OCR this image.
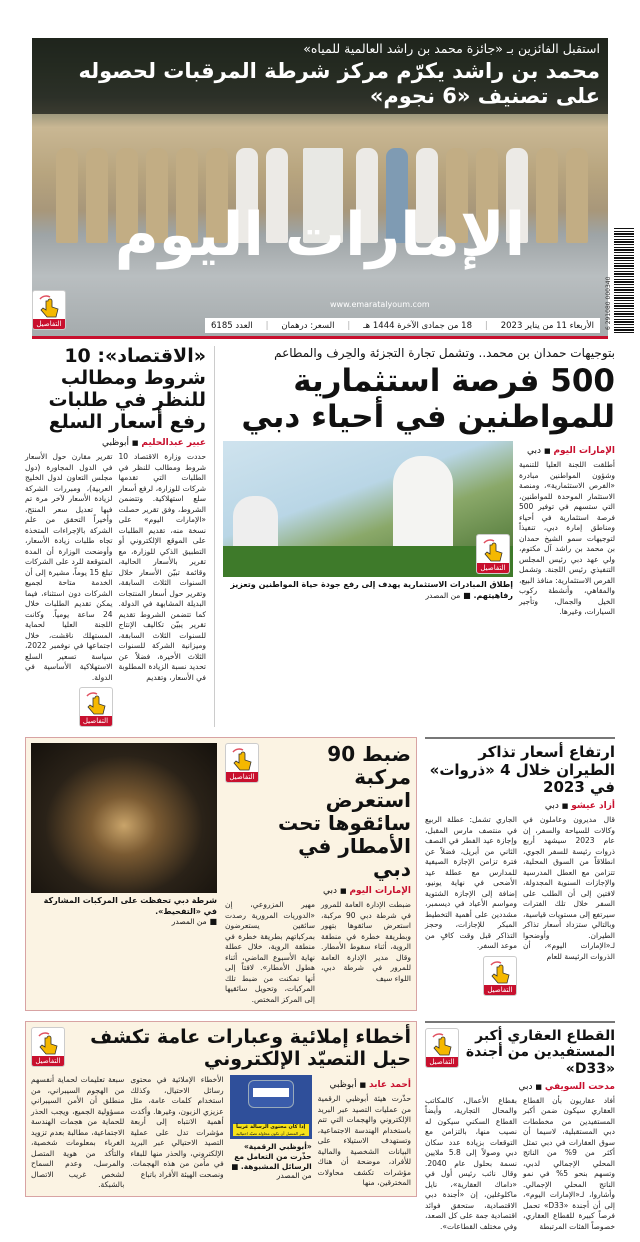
استقبل الفائزين بـ «جائزة محمد بن راشد العالمية للمياه»
محمد بن راشد يكرّم مركز شرطة المرقبات لحصوله على تصنيف «6 نجوم»
الإمارات اليوم
www.emaratalyoum.com
الأربعاء 11 من يناير 2023
|
18 من جمادى الآخرة 1444 هـ
|
السعر: درهمان
|
العدد 6185	6 291080 000340
التفاصيل
بتوجيهات حمدان بن محمد.. وتشمل تجارة التجزئة والحِرف والمطاعم
500 فرصة استثمارية للمواطنين في أحياء دبي
الإمارات اليوم ■ دبي
أطلقت اللجنة العليا للتنمية وشؤون المواطنين مبادرة «الفرص الاستثمارية»، ومنصة الاستثمار الموحدة للمواطنين، التي ستسهم في توفير 500 فرصة استثمارية في أحياء ومناطق إمارة دبي، تنفيذاً لتوجيهات سمو الشيخ حمدان بن محمد بن راشد آل مكتوم، ولي عهد دبي رئيس المجلس التنفيذي رئيس اللجنة. وتشمل الفرص الاستثمارية: منافذ البيع، والمقاهي، وأنشطة ركوب الخيل والجمال، وتأجير السيارات، وغيرها.
التفاصيل
إطلاق المبادرات الاستثمارية يهدف إلى رفع جودة حياة المواطنين وتعزيز رفاهيتهم. ■ من المصدر
«الاقتصاد»: 10 شروط ومطالب للنظر في طلبات رفع أسعار السلع
عبير عبدالحليم ■ أبوظبي
حددت وزارة الاقتصاد 10 شروط ومطالب للنظر في الطلبات التي تقدمها شركات للوزارة، لرفع أسعار سلع استهلاكية. وتتضمن الشروط، وفق تقرير حصلت «الإمارات اليوم» على نسخة منه، تقديم الطلبات على الموقع الإلكتروني أو التطبيق الذكي للوزارة، مع تقرير بالأسعار الحالية، وقائمة تبيّن الأسعار خلال السنوات الثلاث السابقة، وتقرير حول أسعار المنتجات البديلة المشابهة في الدولة. كما تتضمن الشروط تقديم تقرير يبيّن تكاليف الإنتاج للسنوات الثلاث السابقة، وميزانية الشركة للسنوات الثلاث الأخيرة، فضلاً عن تحديد نسبة الزيادة المطلوبة في الأسعار، وتقديم
تقرير مقارن حول الأسعار في الدول المجاورة (دول مجلس التعاون لدول الخليج العربية)، ومبررات الشركة لزيادة الأسعار لآخر مرة تم فيها تعديل سعر المنتج، وأخيراً التحقق من علم الشركة بالإجراءات المتخذة تجاه طلبات زيادة الأسعار، وأوضحت الوزارة أن المدة المتوقعة للرد على الشركات تبلغ 15 يوماً، مشيرة إلى أن الخدمة متاحة لجميع الشركات دون استثناء، فيما يمكن تقديم الطلبات خلال 24 ساعة يومياً. وكانت اللجنة العليا لحماية المستهلك ناقشت، خلال اجتماعها في نوفمبر 2022، سياسة تسعير السلع الاستهلاكية الأساسية في الدولة.
التفاصيل
ارتفاع أسعار تذاكر الطيران خلال 4 «ذروات» في 2023
أزاد عيشو ■ دبي
قال مديرون وعاملون في وكالات للسياحة والسفر، إن عام 2023 سيشهد أربع ذروات رئيسة للسفر الجوي، انطلاقاً من السوق المحلية، تتزامن مع العطل المدرسية والإجازات السنوية المجدولة، لافتين إلى أن الطلب على السفر خلال تلك الفترات سيرتفع إلى مستويات قياسية، وبالتالي ستزداد أسعار تذاكر الطيران. وأوضحوا لـ«الإمارات اليوم»، أن الذروات الرئيسة للعام
الجاري تشمل: عطلة الربيع في منتصف مارس المقبل، وإجازة عيد الفطر في النصف الثاني من أبريل، فضلاً عن فترة تزامن الإجازة الصيفية للمدارس مع عطلة عيد الأضحى في نهاية يونيو، إضافة إلى الإجازة الشتوية ومواسم الأعياد في ديسمبر، مشددين على أهمية التخطيط المبكر للإجازات، وحجز التذاكر قبل وقت كافٍ من موعد السفر.
التفاصيل
ضبط 90 مركبة استعرض سائقوها تحت الأمطار في دبي
التفاصيل
الإمارات اليوم ■ دبي
ضبطت الإدارة العامة للمرور في شرطة دبي 90 مركبة، استعرض سائقوها بتهور وبطريقة خطرة في منطقة الروية، أثناء سقوط الأمطار. وقال مدير الإدارة العامة للمرور في شرطة دبي، اللواء سيف
مهير المزروعي، إن «الدوريات المرورية رصدت سائقين يستعرضون بمركباتهم بطريقة خطرة في منطقة الروية، خلال عطلة نهاية الأسبوع الماضي، أثناء هطول الأمطار». لافتاً إلى أنها تمكنت من ضبط تلك المركبات، وتحويل سائقيها إلى المركز المختص.
شرطة دبي تحفظت على المركبات المشاركة في «التفحيط».
■ من المصدر
القطاع العقاري أكبر المستفيدين من أجندة «D33»
التفاصيل
مدحت السويفي ■ دبي
أفاد عقاريون بأن القطاع العقاري سيكون ضمن أكبر المستفيدين من مخططات دبي المستقبلية، لاسيما أن سوق العقارات في دبي تمثل أكثر من 9% من الناتج المحلي الإجمالي لدبي، وتسهم بنحو 5% في نمو الناتج المحلي الإجمالي. وأشاروا، لـ«الإمارات اليوم»، إلى أن أجندة «D33» تحمل فرصاً كبيرة للقطاع العقاري، خصوصاً الفئات المرتبطة
بقطاع الأعمال، كالمكاتب والمحال التجارية، وأيضاً القطاع السكني سيكون له نصيب منها، بالتزامن مع التوقعات بزيادة عدد سكان دبي وصولاً إلى 5.8 ملايين نسمة بحلول عام 2040. وقال نائب رئيس أول في «داماك العقارية»، نايل ماكلوغلين، إن «أجندة دبي الاقتصادية، ستحقق فوائد اقتصادية جمة على كل الصعد، وفي مختلف القطاعات».
أخطاء إملائية وعبارات عامة تكشف حيل التصيّد الإلكتروني
التفاصيل
أحمد عابد ■ أبوظبي
حذّرت هيئة أبوظبي الرقمية من عمليات التصيد عبر البريد الإلكتروني والهجمات التي تتم باستخدام الهندسة الاجتماعية، وتستهدف الاستيلاء على البيانات الشخصية والمالية للأفراد، موضحة أن هناك مؤشرات تكشف محاولات المخترقين، منها
إذا كان محتوى الرسالة غريباً
عبر المتصل أن تكون محاولة تصيّد احتيالية
«أبوظبي الرقمية» حذّرت من التعامل مع الرسائل المشبوهة. ■ من المصدر
الأخطاء الإملائية في محتوى رسائل الاحتيال، وكذلك استخدام كلمات عامة، مثل عزيزي الزبون، وغيرها. وأكدت أهمية الانتباه إلى أربعة مؤشرات تدل على عملية التصيد الاحتيالي عبر البريد الإلكتروني، والحذر منها للبقاء في مأمن من هذه الهجمات. ونصحت الهيئة الأفراد باتباع
سبعة تعليمات لحماية أنفسهم من الهجوم السيبراني، من منطلق أن الأمن السيبراني مسؤولية الجميع، ويجب الحذر للحماية من هجمات الهندسة الاجتماعية، مطالبة بعدم تزويد الغرباء بمعلومات شخصية، والتأكد من هوية المتصل والمرسل، وعدم السماح لشخص غريب الاتصال بالشبكة.
